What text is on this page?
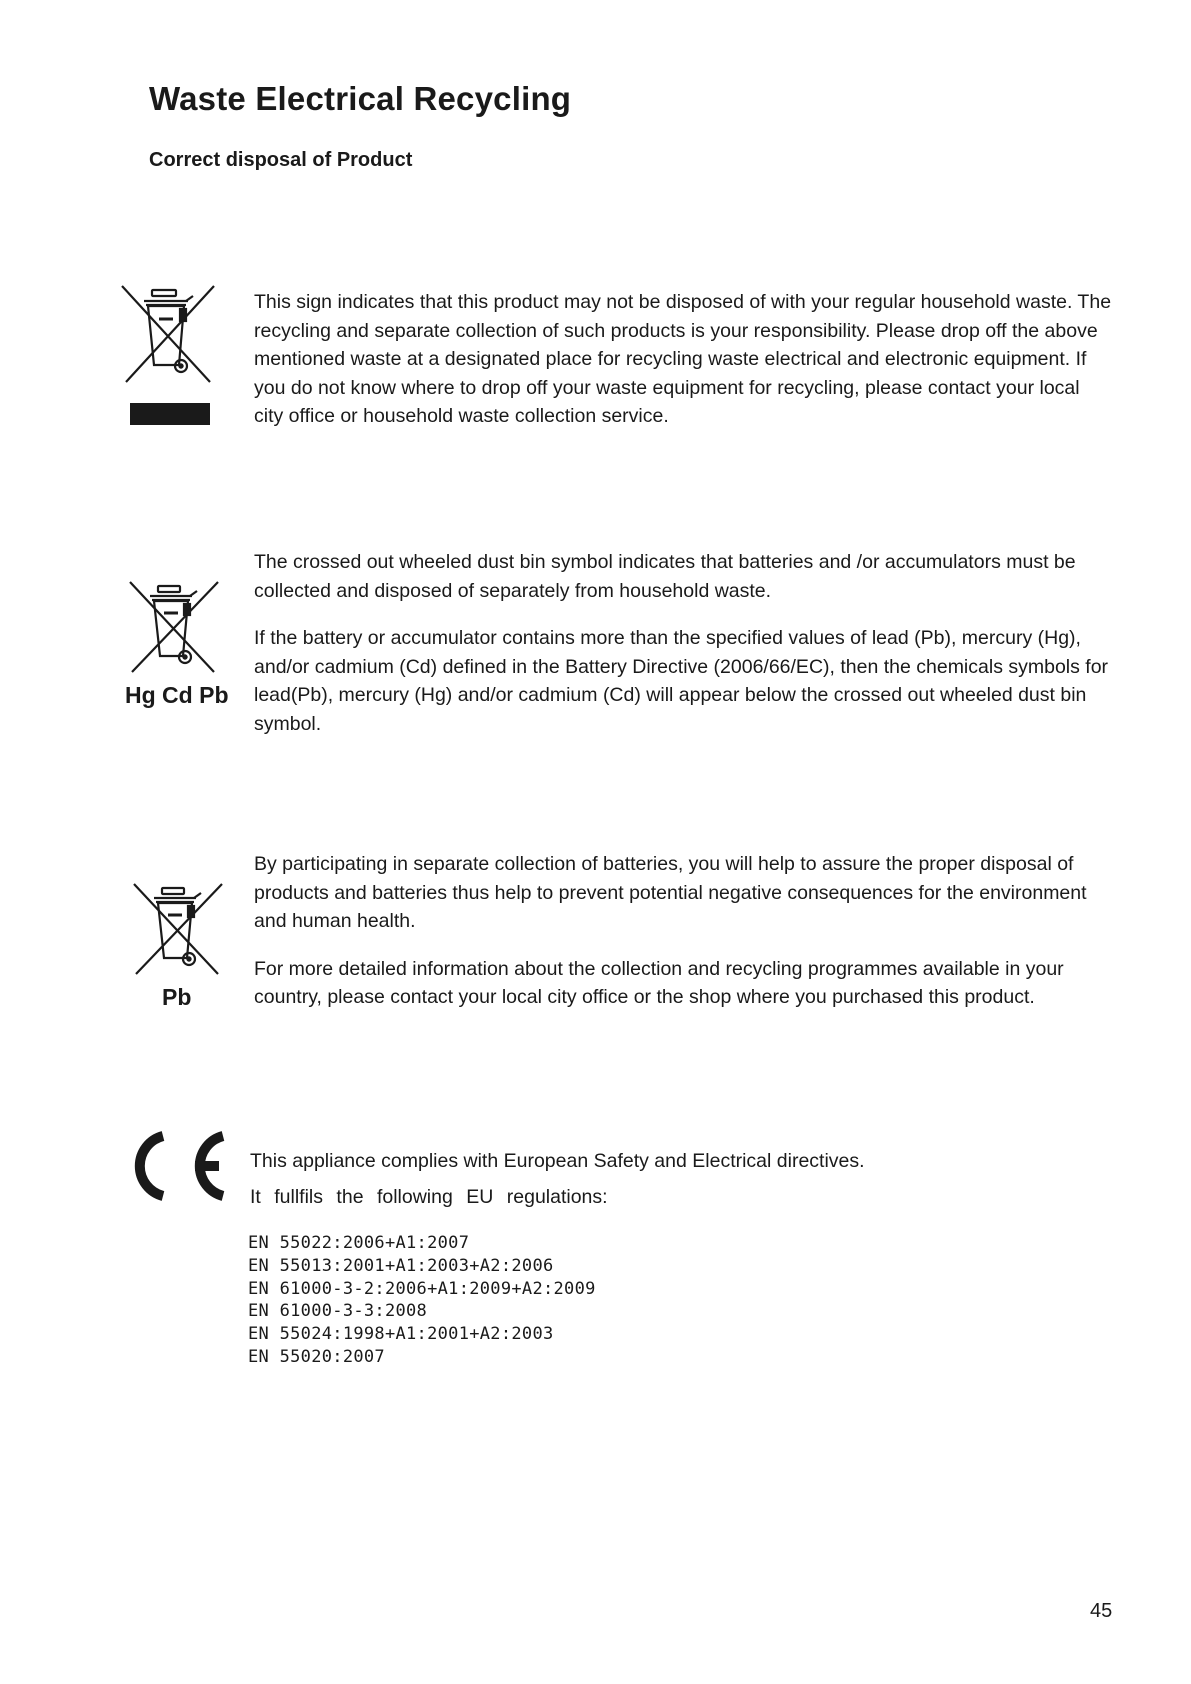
Waste Electrical Recycling
Correct disposal of Product

This sign indicates that this product may not be disposed of with your regular household waste. The recycling and separate collection of such products is your responsibility. Please drop off the above mentioned waste at a designated place for recycling waste electrical and electronic equipment. If you do not know where to drop off your waste equipment for recycling, please contact your local city office or household waste collection service.

Hg Cd Pb

The crossed out wheeled dust bin symbol indicates that batteries and /or accumulators must be collected and disposed of separately from household waste.

If the battery or accumulator contains more than the specified values of lead (Pb), mercury (Hg), and/or cadmium (Cd) defined in the Battery Directive (2006/66/EC), then the chemicals symbols for lead(Pb), mercury (Hg) and/or cadmium (Cd) will appear below the crossed out wheeled dust bin symbol.

Pb

By participating in separate collection of batteries, you will help to assure the proper disposal of products and batteries thus help to prevent potential negative consequences for the environment and human health.

For more detailed information about the collection and recycling programmes available in your country, please contact your local city office or the shop where you purchased this product.

This appliance complies with European Safety and Electrical directives.
It fullfils the following EU regulations:
EN 55022:2006+A1:2007
EN 55013:2001+A1:2003+A2:2006
EN 61000-3-2:2006+A1:2009+A2:2009
EN 61000-3-3:2008
EN 55024:1998+A1:2001+A2:2003
EN 55020:2007
45
